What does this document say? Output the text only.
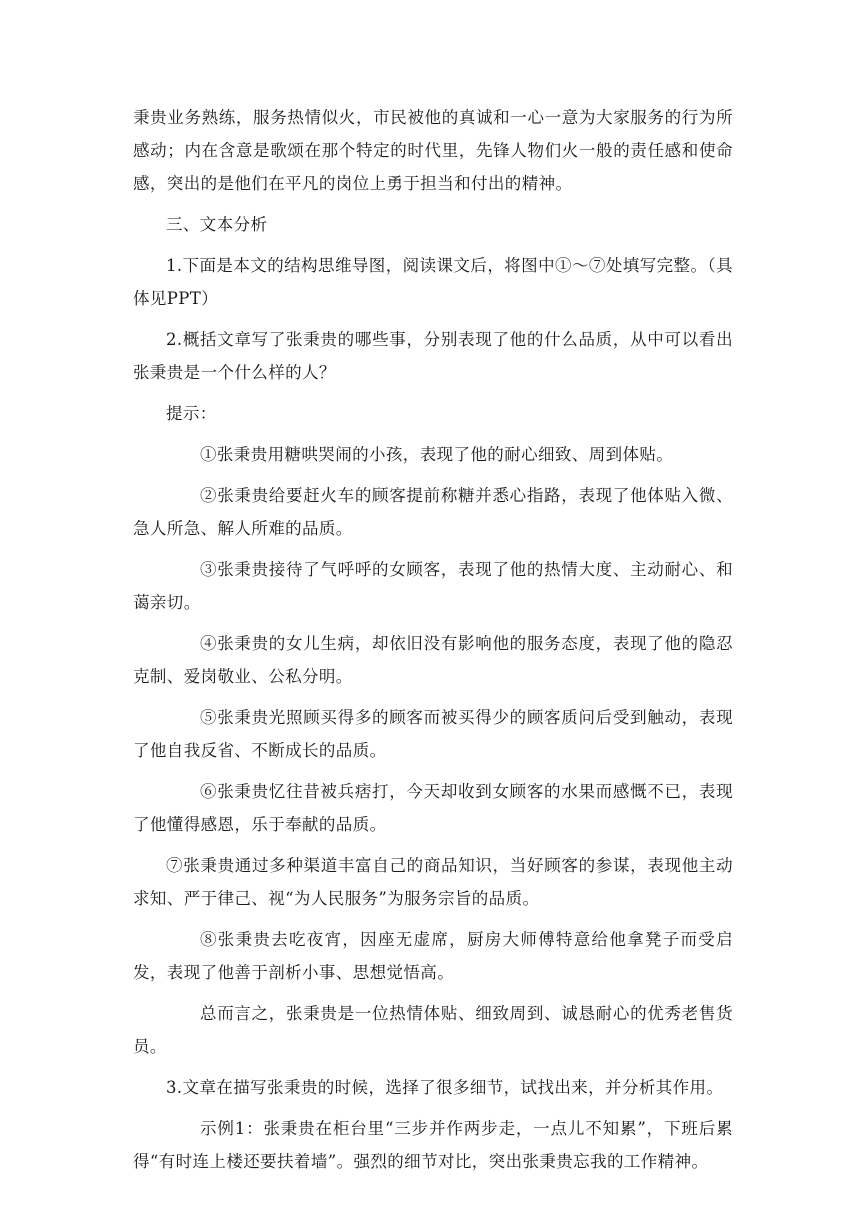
秉贵业务熟练，服务热情似火，市民被他的真诚和一心一意为大家服务的行为所感动；内在含意是歌颂在那个特定的时代里，先锋人物们火一般的责任感和使命感，突出的是他们在平凡的岗位上勇于担当和付出的精神。

三、文本分析

1.下面是本文的结构思维导图，阅读课文后，将图中①～⑦处填写完整。（具体见PPT）

2.概括文章写了张秉贵的哪些事，分别表现了他的什么品质，从中可以看出张秉贵是一个什么样的人？

提示：

①张秉贵用糖哄哭闹的小孩，表现了他的耐心细致、周到体贴。

②张秉贵给要赶火车的顾客提前称糖并悉心指路，表现了他体贴入微、急人所急、解人所难的品质。

③张秉贵接待了气呼呼的女顾客，表现了他的热情大度、主动耐心、和蔼亲切。

④张秉贵的女儿生病，却依旧没有影响他的服务态度，表现了他的隐忍克制、爱岗敬业、公私分明。

⑤张秉贵光照顾买得多的顾客而被买得少的顾客质问后受到触动，表现了他自我反省、不断成长的品质。

⑥张秉贵忆往昔被兵痞打，今天却收到女顾客的水果而感慨不已，表现了他懂得感恩，乐于奉献的品质。

⑦张秉贵通过多种渠道丰富自己的商品知识，当好顾客的参谋，表现他主动求知、严于律己、视“为人民服务”为服务宗旨的品质。

⑧张秉贵去吃夜宵，因座无虚席，厨房大师傅特意给他拿凳子而受启发，表现了他善于剖析小事、思想觉悟高。

总而言之，张秉贵是一位热情体贴、细致周到、诚恳耐心的优秀老售货员。

3.文章在描写张秉贵的时候，选择了很多细节，试找出来，并分析其作用。

示例1：张秉贵在柜台里“三步并作两步走，一点儿不知累”，下班后累得“有时连上楼还要扶着墙”。强烈的细节对比，突出张秉贵忘我的工作精神。
